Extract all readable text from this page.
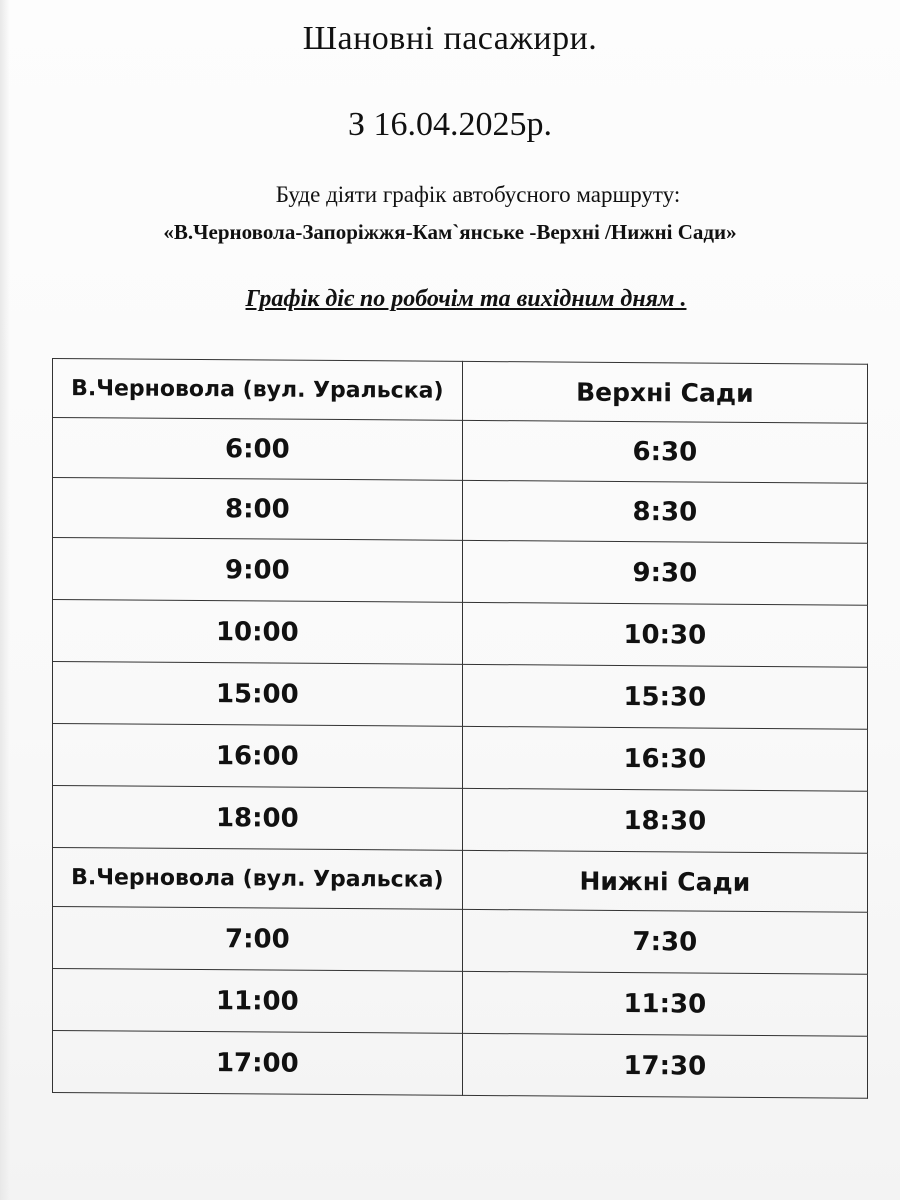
Шановні пасажири.
З 16.04.2025р.

Буде діяти графік автобусного маршруту:

«В.Черновола-Запоріжжя-Кам`янське -Верхні /Нижні Сади»

Графік діє по робочім та вихідним дням .

В.Черновола (вул. Уральска)	Верхні Сади
6:00	6:30
8:00	8:30
9:00	9:30
10:00	10:30
15:00	15:30
16:00	16:30
18:00	18:30
В.Черновола (вул. Уральска)	Нижні Сади
7:00	7:30
11:00	11:30
17:00	17:30
